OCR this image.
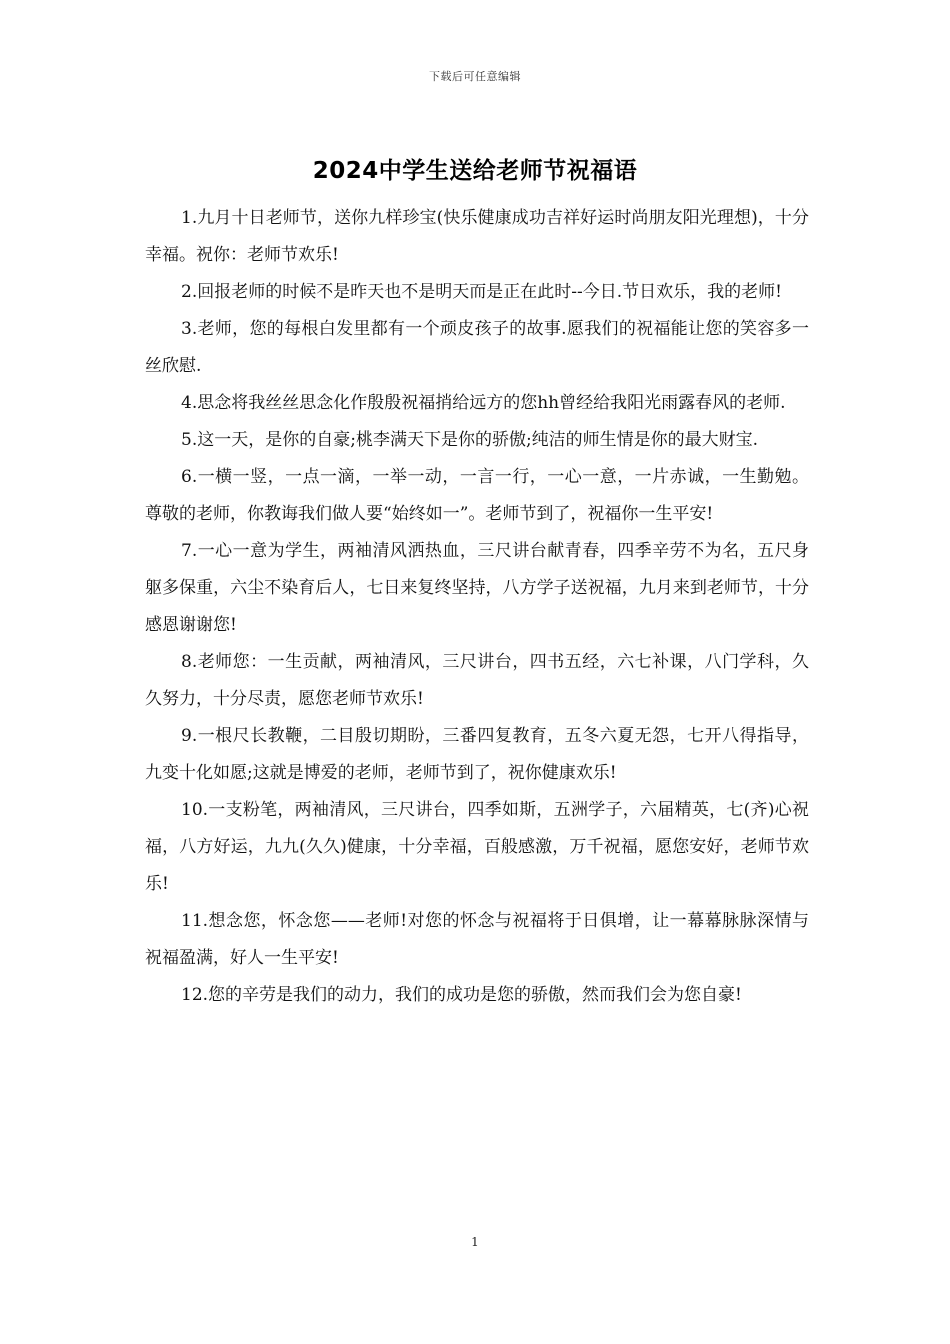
下载后可任意编辑
2024中学生送给老师节祝福语

1.九月十日老师节，送你九样珍宝(快乐健康成功吉祥好运时尚朋友阳光理想)，十分幸福。祝你：老师节欢乐!

2.回报老师的时候不是昨天也不是明天而是正在此时--今日.节日欢乐，我的老师!

3.老师，您的每根白发里都有一个顽皮孩子的故事.愿我们的祝福能让您的笑容多一丝欣慰.

4.思念将我丝丝思念化作殷殷祝福捎给远方的您hh曾经给我阳光雨露春风的老师.

5.这一天，是你的自豪;桃李满天下是你的骄傲;纯洁的师生情是你的最大财宝.

6.一横一竖，一点一滴，一举一动，一言一行，一心一意，一片赤诚，一生勤勉。尊敬的老师，你教诲我们做人要“始终如一”。老师节到了，祝福你一生平安!

7.一心一意为学生，两袖清风洒热血，三尺讲台献青春，四季辛劳不为名，五尺身躯多保重，六尘不染育后人，七日来复终坚持，八方学子送祝福，九月来到老师节，十分感恩谢谢您!

8.老师您：一生贡献，两袖清风，三尺讲台，四书五经，六七补课，八门学科，久久努力，十分尽责，愿您老师节欢乐!

9.一根尺长教鞭，二目殷切期盼，三番四复教育，五冬六夏无怨，七开八得指导，九变十化如愿;这就是博爱的老师，老师节到了，祝你健康欢乐!

10.一支粉笔，两袖清风，三尺讲台，四季如斯，五洲学子，六届精英，七(齐)心祝福，八方好运，九九(久久)健康，十分幸福，百般感激，万千祝福，愿您安好，老师节欢乐!

11.想念您，怀念您——老师!对您的怀念与祝福将于日俱增，让一幕幕脉脉深情与祝福盈满，好人一生平安!

12.您的辛劳是我们的动力，我们的成功是您的骄傲，然而我们会为您自豪!

1
